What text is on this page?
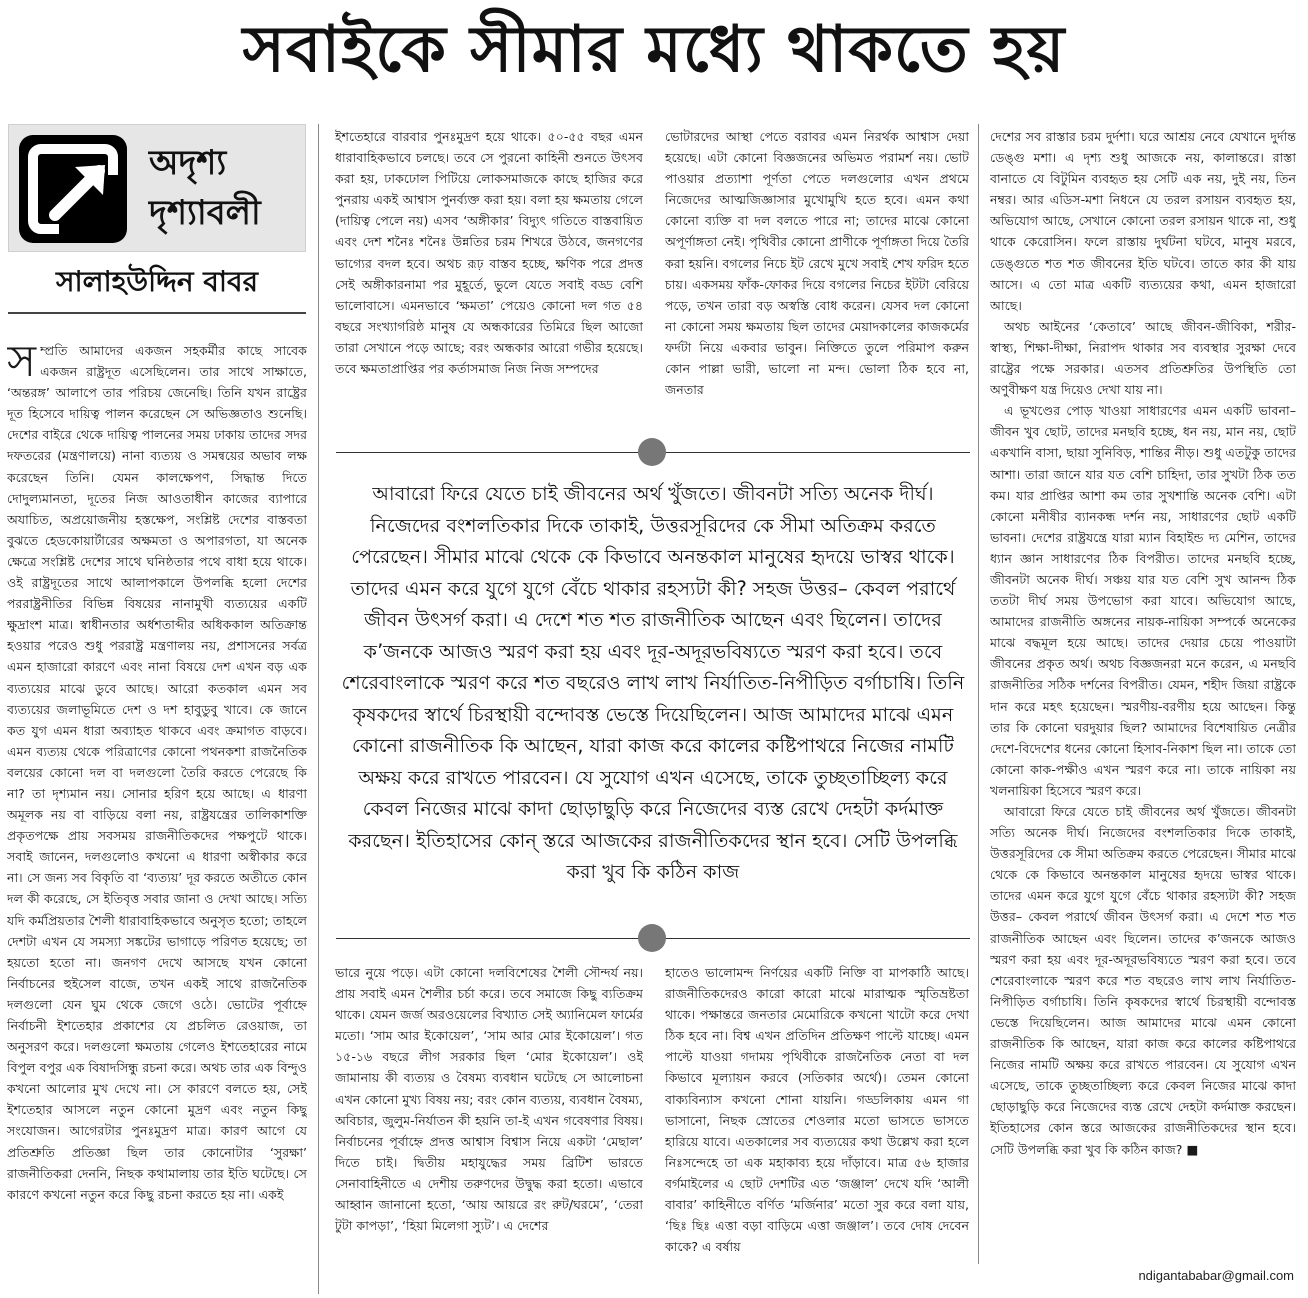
সবাইকে সীমার মধ্যে থাকতে হয়
অদৃশ্য
দৃশ্যাবলী
সালাহউদ্দিন বাবর

সম্প্রতি আমাদের একজন সহকর্মীর কাছে সাবেক একজন রাষ্ট্রদূত এসেছিলেন। তার সাথে সাক্ষাতে, ‘অন্তরঙ্গ’ আলাপে তার পরিচয় জেনেছি। তিনি যখন রাষ্ট্রের দূত হিসেবে দায়িত্ব পালন করেছেন সে অভিজ্ঞতাও শুনেছি। দেশের বাইরে থেকে দায়িত্ব পালনের সময় ঢাকায় তাদের সদর দফতরের (মন্ত্রণালয়ে) নানা ব্যত্যয় ও সমন্বয়ের অভাব লক্ষ করেছেন তিনি। যেমন কালক্ষেপণ, সিদ্ধান্ত দিতে দোদুল্যমানতা, দূতের নিজ আওতাধীন কাজের ব্যাপারে অযাচিত, অপ্রয়োজনীয় হস্তক্ষেপ, সংশ্লিষ্ট দেশের বাস্তবতা বুঝতে হেডকোয়ার্টারের অক্ষমতা ও অপারগতা, যা অনেক ক্ষেত্রে সংশ্লিষ্ট দেশের সাথে ঘনিষ্ঠতার পথে বাধা হয়ে থাকে। ওই রাষ্ট্রদূতের সাথে আলাপকালে উপলব্ধি হলো দেশের পররাষ্ট্রনীতির বিভিন্ন বিষয়ের নানামুখী ব্যত্যয়ের একটি ক্ষুদ্রাংশ মাত্র। স্বাধীনতার অর্ধশতাব্দীর অধিককাল অতিক্রান্ত হওয়ার পরেও শুধু পররাষ্ট্র মন্ত্রণালয় নয়, প্রশাসনের সর্বত্র এমন হাজারো কারণে এবং নানা বিষয়ে দেশ এখন বড় এক ব্যত্যয়ের মাঝে ডুবে আছে। আরো কতকাল এমন সব ব্যত্যয়ের জলাভূমিতে দেশ ও দশ হাবুডুবু খাবে। কে জানে কত যুগ এমন ধারা অব্যাহত থাকবে এবং ক্রমাগত বাড়বে। এমন ব্যত্যয় থেকে পরিত্রাণের কোনো পথনকশা রাজনৈতিক বলয়ের কোনো দল বা দলগুলো তৈরি করতে পেরেছে কি না? তা দৃশ্যমান নয়। সোনার হরিণ হয়ে আছে। এ ধারণা অমূলক নয় বা বাড়িয়ে বলা নয়, রাষ্ট্রযন্ত্রের তালিকাশক্তি প্রকৃতপক্ষে প্রায় সবসময় রাজনীতিকদের পক্ষপুটে থাকে। সবাই জানেন, দলগুলোও কখনো এ ধারণা অস্বীকার করে না। সে জন্য সব বিকৃতি বা ‘ব্যত্যয়’ দূর করতে অতীতে কোন দল কী করেছে, সে ইতিবৃত্ত সবার জানা ও দেখা আছে। সত্যি যদি কর্মপ্রিয়তার শৈলী ধারাবাহিকভাবে অনুসৃত হতো; তাহলে দেশটা এখন যে সমস্যা সঙ্কটের ভাগাড়ে পরিণত হয়েছে; তা হয়তো হতো না। জনগণ দেখে আসছে যখন কোনো নির্বাচনের হুইসেল বাজে, তখন একই সাথে রাজনৈতিক দলগুলো যেন ঘুম থেকে জেগে ওঠে। ভোটের পূর্বাহ্নে নির্বাচনী ইশতেহার প্রকাশের যে প্রচলিত রেওয়াজ, তা অনুসরণ করে। দলগুলো ক্ষমতায় গেলেও ইশতেহারের নামে বিপুল বপুর এক বিষাদসিন্ধু রচনা করে। অথচ তার এক বিন্দুও কখনো আলোর মুখ দেখে না। সে কারণে বলতে হয়, সেই ইশতেহার আসলে নতুন কোনো মুদ্রণ এবং নতুন কিছু সংযোজন। আগেরটার পুনঃমুদ্রণ মাত্র। কারণ আগে যে প্রতিশ্রুতি প্রতিজ্ঞা ছিল তার কোনোটার ‘সুরক্ষা’ রাজনীতিকরা দেননি, নিছক কথামালায় তার ইতি ঘটেছে। সে কারণে কখনো নতুন করে কিছু রচনা করতে হয় না। একই

ইশতেহারে বারবার পুনঃমুদ্রণ হয়ে থাকে। ৫০-৫৫ বছর এমন ধারাবাহিকভাবে চলছে। তবে সে পুরনো কাহিনী শুনতে উৎসব করা হয়, ঢাকঢোল পিটিয়ে লোকসমাজকে কাছে হাজির করে পুনরায় একই আশ্বাস পুনর্ব্যক্ত করা হয়। বলা হয় ক্ষমতায় গেলে (দায়িত্ব পেলে নয়) এসব ‘অঙ্গীকার’ বিদ্যুৎ গতিতে বাস্তবায়িত এবং দেশ শনৈঃ শনৈঃ উন্নতির চরম শিখরে উঠবে, জনগণের ভাগ্যের বদল হবে। অথচ রূঢ় বাস্তব হচ্ছে, ক্ষণিক পরে প্রদত্ত সেই অঙ্গীকারনামা পর মুহূর্তে, ভুলে যেতে সবাই বড্ড বেশি ভালোবাসে। এমনভাবে ‘ক্ষমতা’ পেয়েও কোনো দল গত ৫৪ বছরে সংখ্যাগরিষ্ঠ মানুষ যে অন্ধকারের তিমিরে ছিল আজো তারা সেখানে পড়ে আছে; বরং অন্ধকার আরো গভীর হয়েছে। তবে ক্ষমতাপ্রাপ্তির পর কর্তাসমাজ নিজ নিজ সম্পদের

ভোটারদের আস্থা পেতে বরাবর এমন নিরর্থক আশ্বাস দেয়া হয়েছে। এটা কোনো বিজ্ঞজনের অভিমত পরামর্শ নয়। ভোট পাওয়ার প্রত্যাশা পূর্ণতা পেতে দলগুলোর এখন প্রথমে নিজেদের আত্মজিজ্ঞাসার মুখোমুখি হতে হবে। এমন কথা কোনো ব্যক্তি বা দল বলতে পারে না; তাদের মাঝে কোনো অপূর্ণাঙ্গতা নেই। পৃথিবীর কোনো প্রাণীকে পূর্ণাঙ্গতা দিয়ে তৈরি করা হয়নি। বগলের নিচে ইট রেখে মুখে সবাই শেখ ফরিদ হতে চায়। একসময় ফাঁক-ফোকর দিয়ে বগলের নিচের ইটটা বেরিয়ে পড়ে, তখন তারা বড় অস্বস্তি বোধ করেন। যেসব দল কোনো না কোনো সময় ক্ষমতায় ছিল তাদের মেয়াদকালের কাজকর্মের ফর্দটা নিয়ে একবার ভাবুন। নিক্তিতে তুলে পরিমাপ করুন কোন পাল্লা ভারী, ভালো না মন্দ। ভোলা ঠিক হবে না, জনতার

আবারো ফিরে যেতে চাই জীবনের অর্থ খুঁজতে। জীবনটা সত্যি অনেক দীর্ঘ। নিজেদের বংশলতিকার দিকে তাকাই, উত্তরসূরিদের কে সীমা অতিক্রম করতে পেরেছেন। সীমার মাঝে থেকে কে কিভাবে অনন্তকাল মানুষের হৃদয়ে ভাস্বর থাকে। তাদের এমন করে যুগে যুগে বেঁচে থাকার রহস্যটা কী? সহজ উত্তর– কেবল পরার্থে জীবন উৎসর্গ করা। এ দেশে শত শত রাজনীতিক আছেন এবং ছিলেন। তাদের ক’জনকে আজও স্মরণ করা হয় এবং দূর-অদূরভবিষ্যতে স্মরণ করা হবে। তবে শেরেবাংলাকে স্মরণ করে শত বছরেও লাখ লাখ নির্যাতিত-নিপীড়িত বর্গাচাষি। তিনি কৃষকদের স্বার্থে চিরস্থায়ী বন্দোবস্ত ভেস্তে দিয়েছিলেন। আজ আমাদের মাঝে এমন কোনো রাজনীতিক কি আছেন, যারা কাজ করে কালের কষ্টিপাথরে নিজের নামটি অক্ষয় করে রাখতে পারবেন। যে সুযোগ এখন এসেছে, তাকে তুচ্ছতাচ্ছিল্য করে কেবল নিজের মাঝে কাদা ছোড়াছুড়ি করে নিজেদের ব্যস্ত রেখে দেহটা কর্দমাক্ত করছেন। ইতিহাসের কোন্ স্তরে আজকের রাজনীতিকদের স্থান হবে। সেটি উপলব্ধি করা খুব কি কঠিন কাজ

ভারে নুয়ে পড়ে। এটা কোনো দলবিশেষের শৈলী সৌন্দর্য নয়। প্রায় সবাই এমন শৈলীর চর্চা করে। তবে সমাজে কিছু ব্যতিক্রম থাকে। যেমন জর্জ অরওয়েলের বিখ্যাত সেই অ্যানিমেল ফার্মের মতো। ‘সাম আর ইকোয়েল’, ‘সাম আর মোর ইকোয়েল’। গত ১৫-১৬ বছরে লীগ সরকার ছিল ‘মোর ইকোয়েল’। ওই জামানায় কী ব্যত্যয় ও বৈষম্য ব্যবধান ঘটেছে সে আলোচনা এখন কোনো মুখ্য বিষয় নয়; বরং কোন ব্যত্যয়, ব্যবধান বৈষম্য, অবিচার, জুলুম-নির্যাতন কী হয়নি তা-ই এখন গবেষণার বিষয়। নির্বাচনের পূর্বাহ্নে প্রদত্ত আশ্বাস বিশ্বাস নিয়ে একটা ‘মেছাল’ দিতে চাই। দ্বিতীয় মহাযুদ্ধের সময় ব্রিটিশ ভারতে সেনাবাহিনীতে এ দেশীয় তরুণদের উদ্বুদ্ধ করা হতো। এভাবে আহ্বান জানানো হতো, ‘আয় আয়রে রং রুট/ঘরমে’, ‘তেরা টুটা কাপড়া’, ‘হিয়া মিলেগা স্যুট’। এ দেশের

হাতেও ভালোমন্দ নির্ণয়ের একটি নিক্তি বা মাপকাঠি আছে। রাজনীতিকদেরও কারো কারো মাঝে মারাত্মক স্মৃতিভ্রষ্টতা থাকে। পক্ষান্তরে জনতার মেমোরিকে কখনো খাটো করে দেখা ঠিক হবে না। বিশ্ব এখন প্রতিদিন প্রতিক্ষণ পাল্টে যাচ্ছে। এমন পাল্টে যাওয়া গদাময় পৃথিবীকে রাজনৈতিক নেতা বা দল কিভাবে মূল্যায়ন করবে (সতিকার অর্থে)। তেমন কোনো বাক্যবিন্যাস কখনো শোনা যায়নি। গড্ডলিকায় এমন গা ভাসানো, নিছক স্রোতের শেওলার মতো ভাসতে ভাসতে হারিয়ে যাবে। এতকালের সব ব্যত্যয়ের কথা উল্লেখ করা হলে নিঃসন্দেহে তা এক মহাকাব্য হয়ে দাঁড়াবে। মাত্র ৫৬ হাজার বর্গমাইলের এ ছোট দেশটির এত ‘জঞ্জাল’ দেখে যদি ‘আলী বাবার’ কাহিনীতে বর্ণিত ‘মর্জিনার’ মতো সুর করে বলা যায়, ‘ছিঃ ছিঃ এত্তা বড়া বাড়িমে এত্তা জঞ্জাল’। তবে দোষ দেবেন কাকে? এ বর্ষায়

দেশের সব রাস্তার চরম দুর্দশা। ঘরে আশ্রয় নেবে যেখানে দুর্দান্ত ডেঙ্গু মশা। এ দৃশ্য শুধু আজকে নয়, কালান্তরে। রাস্তা বানাতে যে বিটুমিন ব্যবহৃত হয় সেটি এক নয়, দুই নয়, তিন নম্বর। আর এডিস-মশা নিধনে যে তরল রসায়ন ব্যবহৃত হয়, অভিযোগ আছে, সেখানে কোনো তরল রসায়ন থাকে না, শুধু থাকে কেরোসিন। ফলে রাস্তায় দুর্ঘটনা ঘটবে, মানুষ মরবে, ডেঙ্গুতে শত শত জীবনের ইতি ঘটবে। তাতে কার কী যায় আসে। এ তো মাত্র একটি ব্যত্যয়ের কথা, এমন হাজারো আছে।

অথচ আইনের ‘কেতাবে’ আছে জীবন-জীবিকা, শরীর-স্বাস্থ্য, শিক্ষা-দীক্ষা, নিরাপদ থাকার সব ব্যবস্থার সুরক্ষা দেবে রাষ্ট্রের পক্ষে সরকার। এতসব প্রতিশ্রুতির উপস্থিতি তো অণুবীক্ষণ যন্ত্র দিয়েও দেখা যায় না।

এ ভূখণ্ডের পোড় খাওয়া সাধারণের এমন একটি ভাবনা– জীবন খুব ছোট, তাদের মনছবি হচ্ছে, ধন নয়, মান নয়, ছোট একখানি বাসা, ছায়া সুনিবিড়, শান্তির নীড়। শুধু এতটুকু তাদের আশা। তারা জানে যার যত বেশি চাহিদা, তার সুখটা ঠিক তত কম। যার প্রাপ্তির আশা কম তার সুখশান্তি অনেক বেশি। এটা কোনো মনীষীর ব্যানকন্ধ দর্শন নয়, সাধারণের ছোট একটি ভাবনা। দেশের রাষ্ট্রযন্ত্রে যারা ম্যান বিহাইন্ড দ্য মেশিন, তাদের ধ্যান জ্ঞান সাধারণের ঠিক বিপরীত। তাদের মনছবি হচ্ছে, জীবনটা অনেক দীর্ঘ। সঞ্চয় যার যত বেশি সুখ আনন্দ ঠিক ততটা দীর্ঘ সময় উপভোগ করা যাবে। অভিযোগ আছে, আমাদের রাজনীতি অঙ্গনের নায়ক-নায়িকা সম্পর্কে অনেকের মাঝে বদ্ধমূল হয়ে আছে। তাদের দেয়ার চেয়ে পাওয়াটা জীবনের প্রকৃত অর্থ। অথচ বিজ্ঞজনরা মনে করেন, এ মনছবি রাজনীতির সঠিক দর্শনের বিপরীত। যেমন, শহীদ জিয়া রাষ্ট্রকে দান করে মহৎ হয়েছেন। স্মরণীয়-বরণীয় হয়ে আছেন। কিন্তু তার কি কোনো ঘরদুয়ার ছিল? আমাদের বিশেষায়িত নেত্রীর দেশে-বিদেশের ধনের কোনো হিসাব-নিকাশ ছিল না। তাকে তো কোনো কাক-পক্ষীও এখন স্মরণ করে না। তাকে নায়িকা নয় খলনায়িকা হিসেবে স্মরণ করে।

আবারো ফিরে যেতে চাই জীবনের অর্থ খুঁজতে। জীবনটা সত্যি অনেক দীর্ঘ। নিজেদের বংশলতিকার দিকে তাকাই, উত্তরসূরিদের কে সীমা অতিক্রম করতে পেরেছেন। সীমার মাঝে থেকে কে কিভাবে অনন্তকাল মানুষের হৃদয়ে ভাস্বর থাকে। তাদের এমন করে যুগে যুগে বেঁচে থাকার রহস্যটা কী? সহজ উত্তর– কেবল পরার্থে জীবন উৎসর্গ করা। এ দেশে শত শত রাজনীতিক আছেন এবং ছিলেন। তাদের ক’জনকে আজও স্মরণ করা হয় এবং দূর-অদূরভবিষ্যতে স্মরণ করা হবে। তবে শেরেবাংলাকে স্মরণ করে শত বছরেও লাখ লাখ নির্যাতিত-নিপীড়িত বর্গাচাষি। তিনি কৃষকদের স্বার্থে চিরস্থায়ী বন্দোবস্ত ভেস্তে দিয়েছিলেন। আজ আমাদের মাঝে এমন কোনো রাজনীতিক কি আছেন, যারা কাজ করে কালের কষ্টিপাথরে নিজের নামটি অক্ষয় করে রাখতে পারবেন। যে সুযোগ এখন এসেছে, তাকে তুচ্ছতাচ্ছিল্য করে কেবল নিজের মাঝে কাদা ছোড়াছুড়ি করে নিজেদের ব্যস্ত রেখে দেহটা কর্দমাক্ত করছেন। ইতিহাসের কোন স্তরে আজকের রাজনীতিকদের স্থান হবে। সেটি উপলব্ধি করা খুব কি কঠিন কাজ? ■

ndigantababar@gmail.com
